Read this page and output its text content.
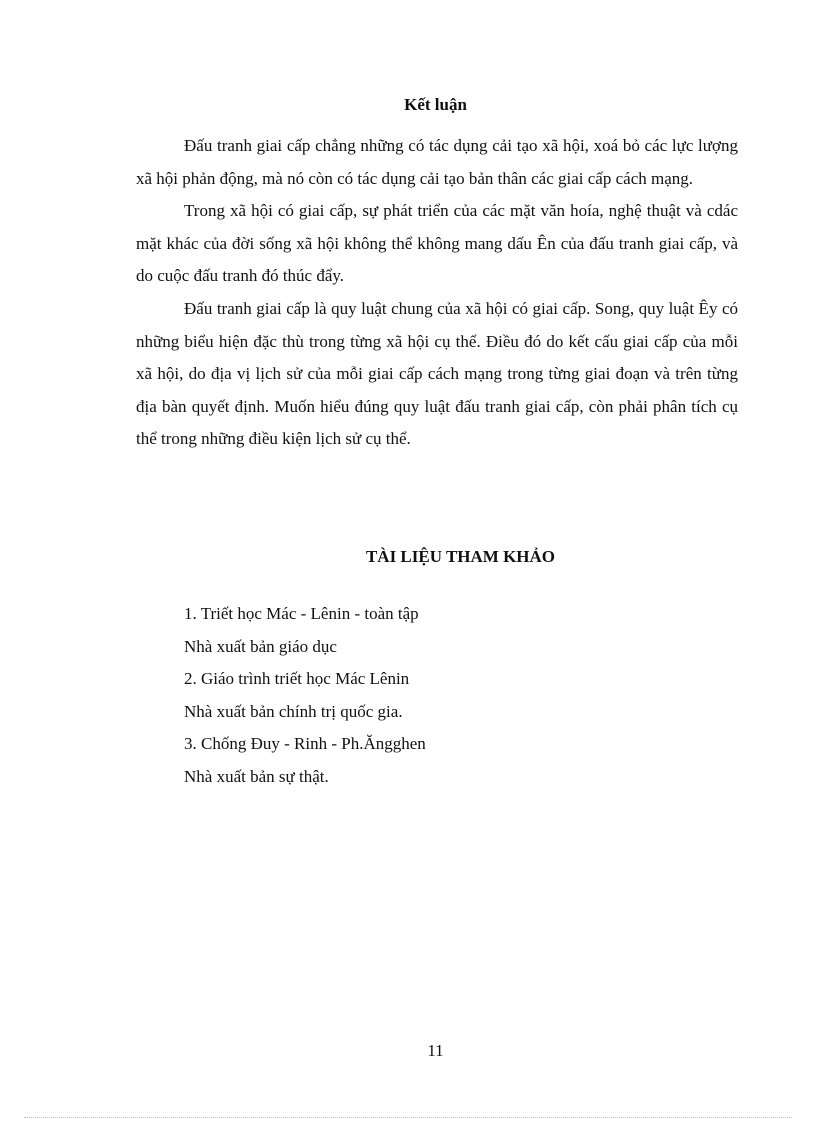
Kết luận

Đấu tranh giai cấp chẳng những có tác dụng cải tạo xã hội, xoá bỏ các lực lượng xã hội phản động, mà nó còn có tác dụng cải tạo bản thân các giai cấp cách mạng.

Trong xã hội có giai cấp, sự phát triển của các mặt văn hoía, nghệ thuật và cdác mặt khác của đời sống xã hội không thể không mang dấu Ên của đấu tranh giai cấp, và do cuộc đấu tranh đó thúc đẩy.

Đấu tranh giai cấp là quy luật chung của xã hội có giai cấp. Song, quy luật Êy có những biểu hiện đặc thù trong từng xã hội cụ thể. Điều đó do kết cấu giai cấp của mỗi xã hội, do địa vị lịch sử của mỗi giai cấp cách mạng trong từng giai đoạn và trên từng địa bàn quyết định. Muốn hiểu đúng quy luật đấu tranh giai cấp, còn phải phân tích cụ thể trong những điều kiện lịch sử cụ thể.

TÀI LIỆU THAM KHẢO
1. Triết học Mác - Lênin - toàn tập
Nhà xuất bản giáo dục
2. Giáo trình triết học Mác Lênin
Nhà xuất bản chính trị quốc gia.
3. Chống Đuy - Rinh - Ph.Ăngghen
Nhà xuất bản sự thật.
11
